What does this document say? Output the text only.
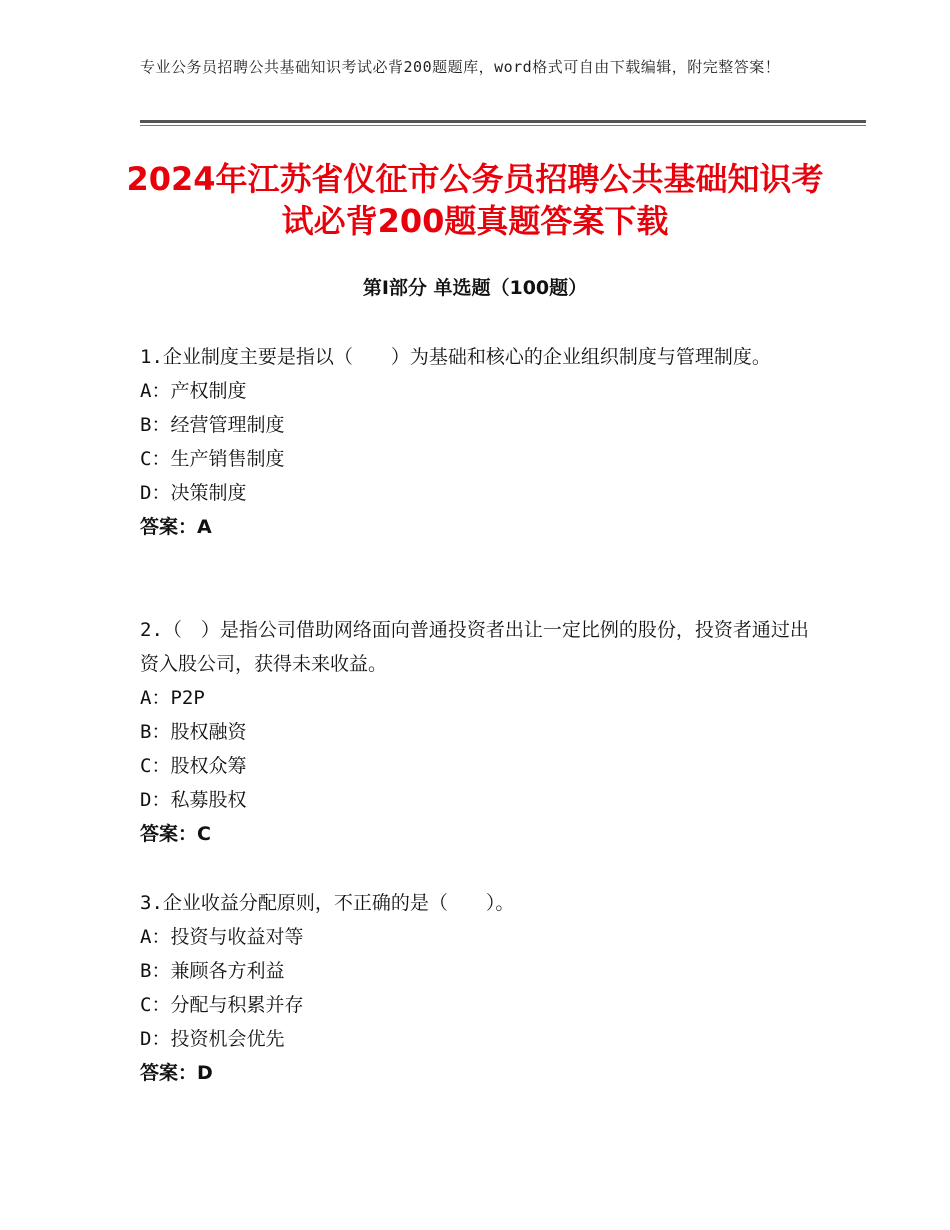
专业公务员招聘公共基础知识考试必背200题题库，word格式可自由下载编辑，附完整答案！
2024年江苏省仪征市公务员招聘公共基础知识考试必背200题真题答案下载
第Ⅰ部分 单选题（100题）

1.企业制度主要是指以（　　）为基础和核心的企业组织制度与管理制度。

A：产权制度

B：经营管理制度

C：生产销售制度

D：决策制度

答案：A

2.（　）是指公司借助网络面向普通投资者出让一定比例的股份，投资者通过出资入股公司，获得未来收益。

A：P2P

B：股权融资

C：股权众筹

D：私募股权

答案：C

3.企业收益分配原则，不正确的是（　　）。

A：投资与收益对等

B：兼顾各方利益

C：分配与积累并存

D：投资机会优先

答案：D
